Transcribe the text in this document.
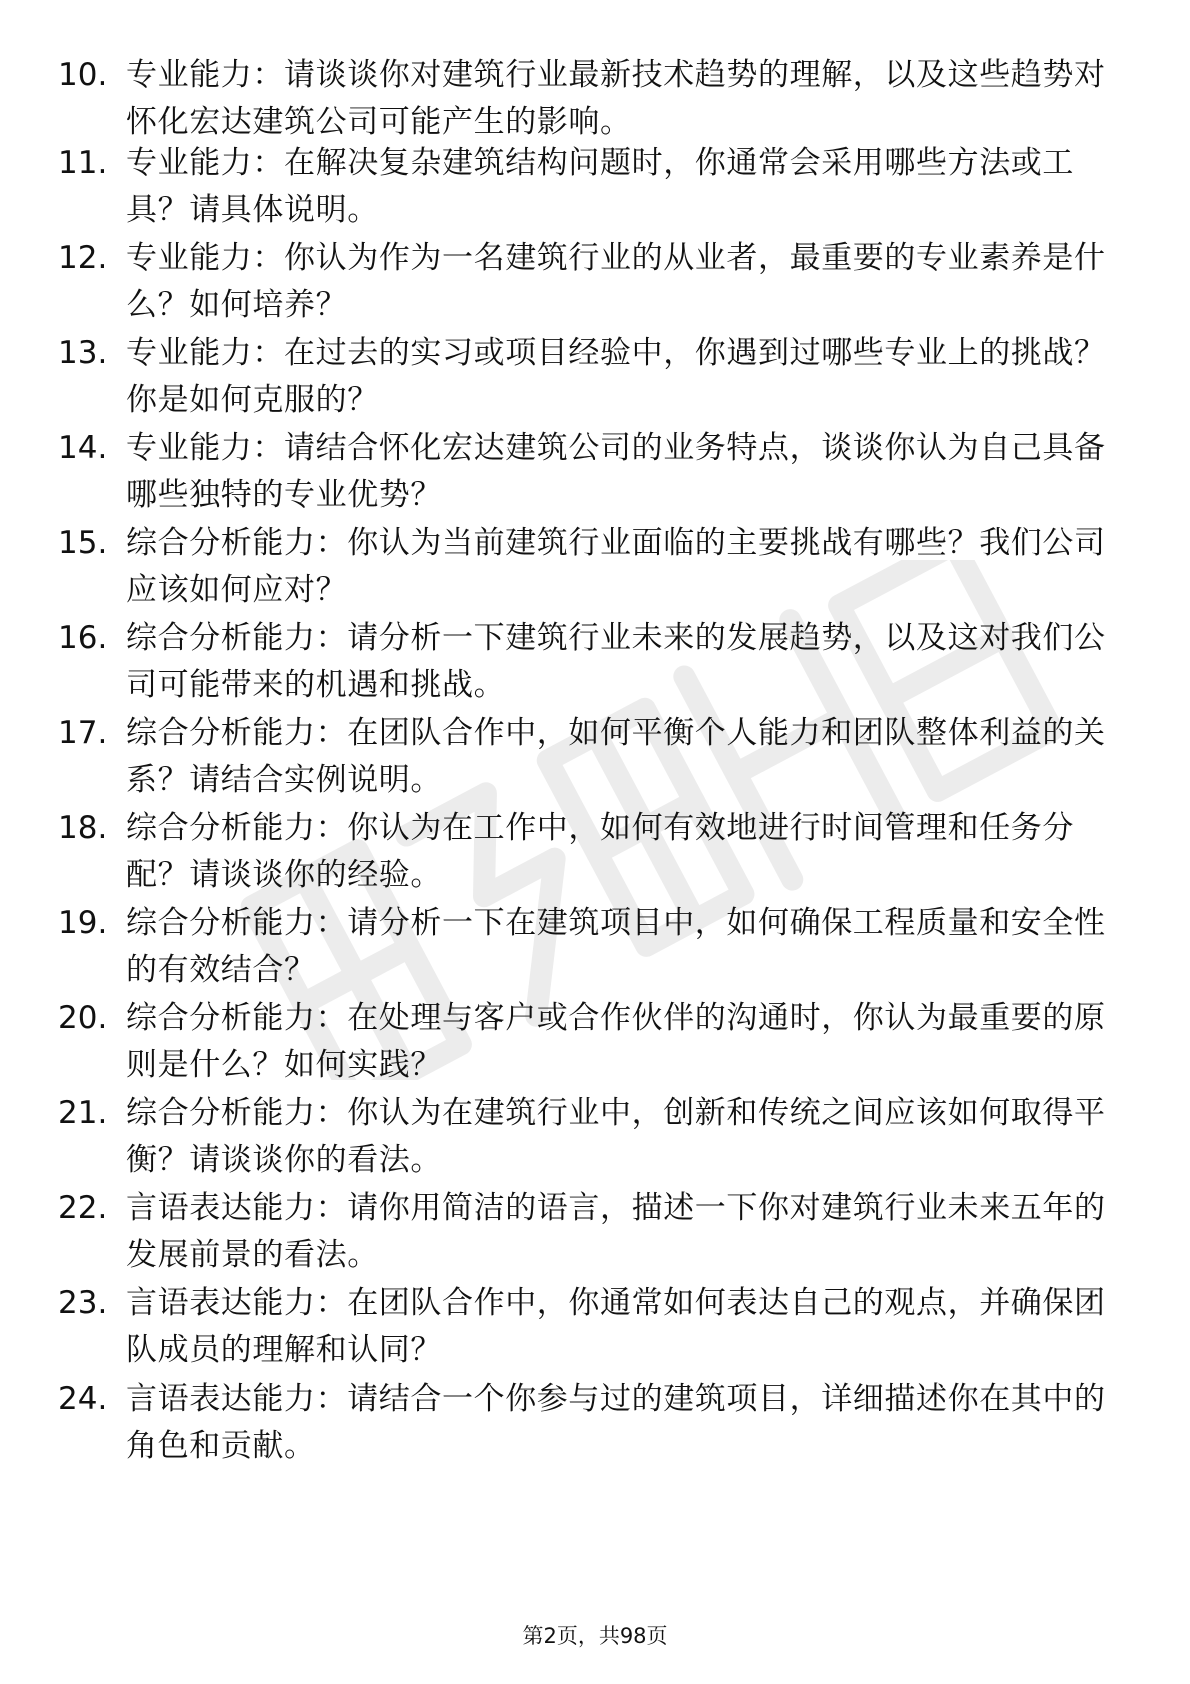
10. 专业能力：请谈谈你对建筑行业最新技术趋势的理解，以及这些趋势对怀化宏达建筑公司可能产生的影响。
11. 专业能力：在解决复杂建筑结构问题时，你通常会采用哪些方法或工具？请具体说明。
12. 专业能力：你认为作为一名建筑行业的从业者，最重要的专业素养是什么？如何培养？
13. 专业能力：在过去的实习或项目经验中，你遇到过哪些专业上的挑战？你是如何克服的？
14. 专业能力：请结合怀化宏达建筑公司的业务特点，谈谈你认为自己具备哪些独特的专业优势？
15. 综合分析能力：你认为当前建筑行业面临的主要挑战有哪些？我们公司应该如何应对？
16. 综合分析能力：请分析一下建筑行业未来的发展趋势，以及这对我们公司可能带来的机遇和挑战。
17. 综合分析能力：在团队合作中，如何平衡个人能力和团队整体利益的关系？请结合实例说明。
18. 综合分析能力：你认为在工作中，如何有效地进行时间管理和任务分配？请谈谈你的经验。
19. 综合分析能力：请分析一下在建筑项目中，如何确保工程质量和安全性的有效结合？
20. 综合分析能力：在处理与客户或合作伙伴的沟通时，你认为最重要的原则是什么？如何实践？
21. 综合分析能力：你认为在建筑行业中，创新和传统之间应该如何取得平衡？请谈谈你的看法。
22. 言语表达能力：请你用简洁的语言，描述一下你对建筑行业未来五年的发展前景的看法。
23. 言语表达能力：在团队合作中，你通常如何表达自己的观点，并确保团队成员的理解和认同？
24. 言语表达能力：请结合一个你参与过的建筑项目，详细描述你在其中的角色和贡献。
第2页，共98页
